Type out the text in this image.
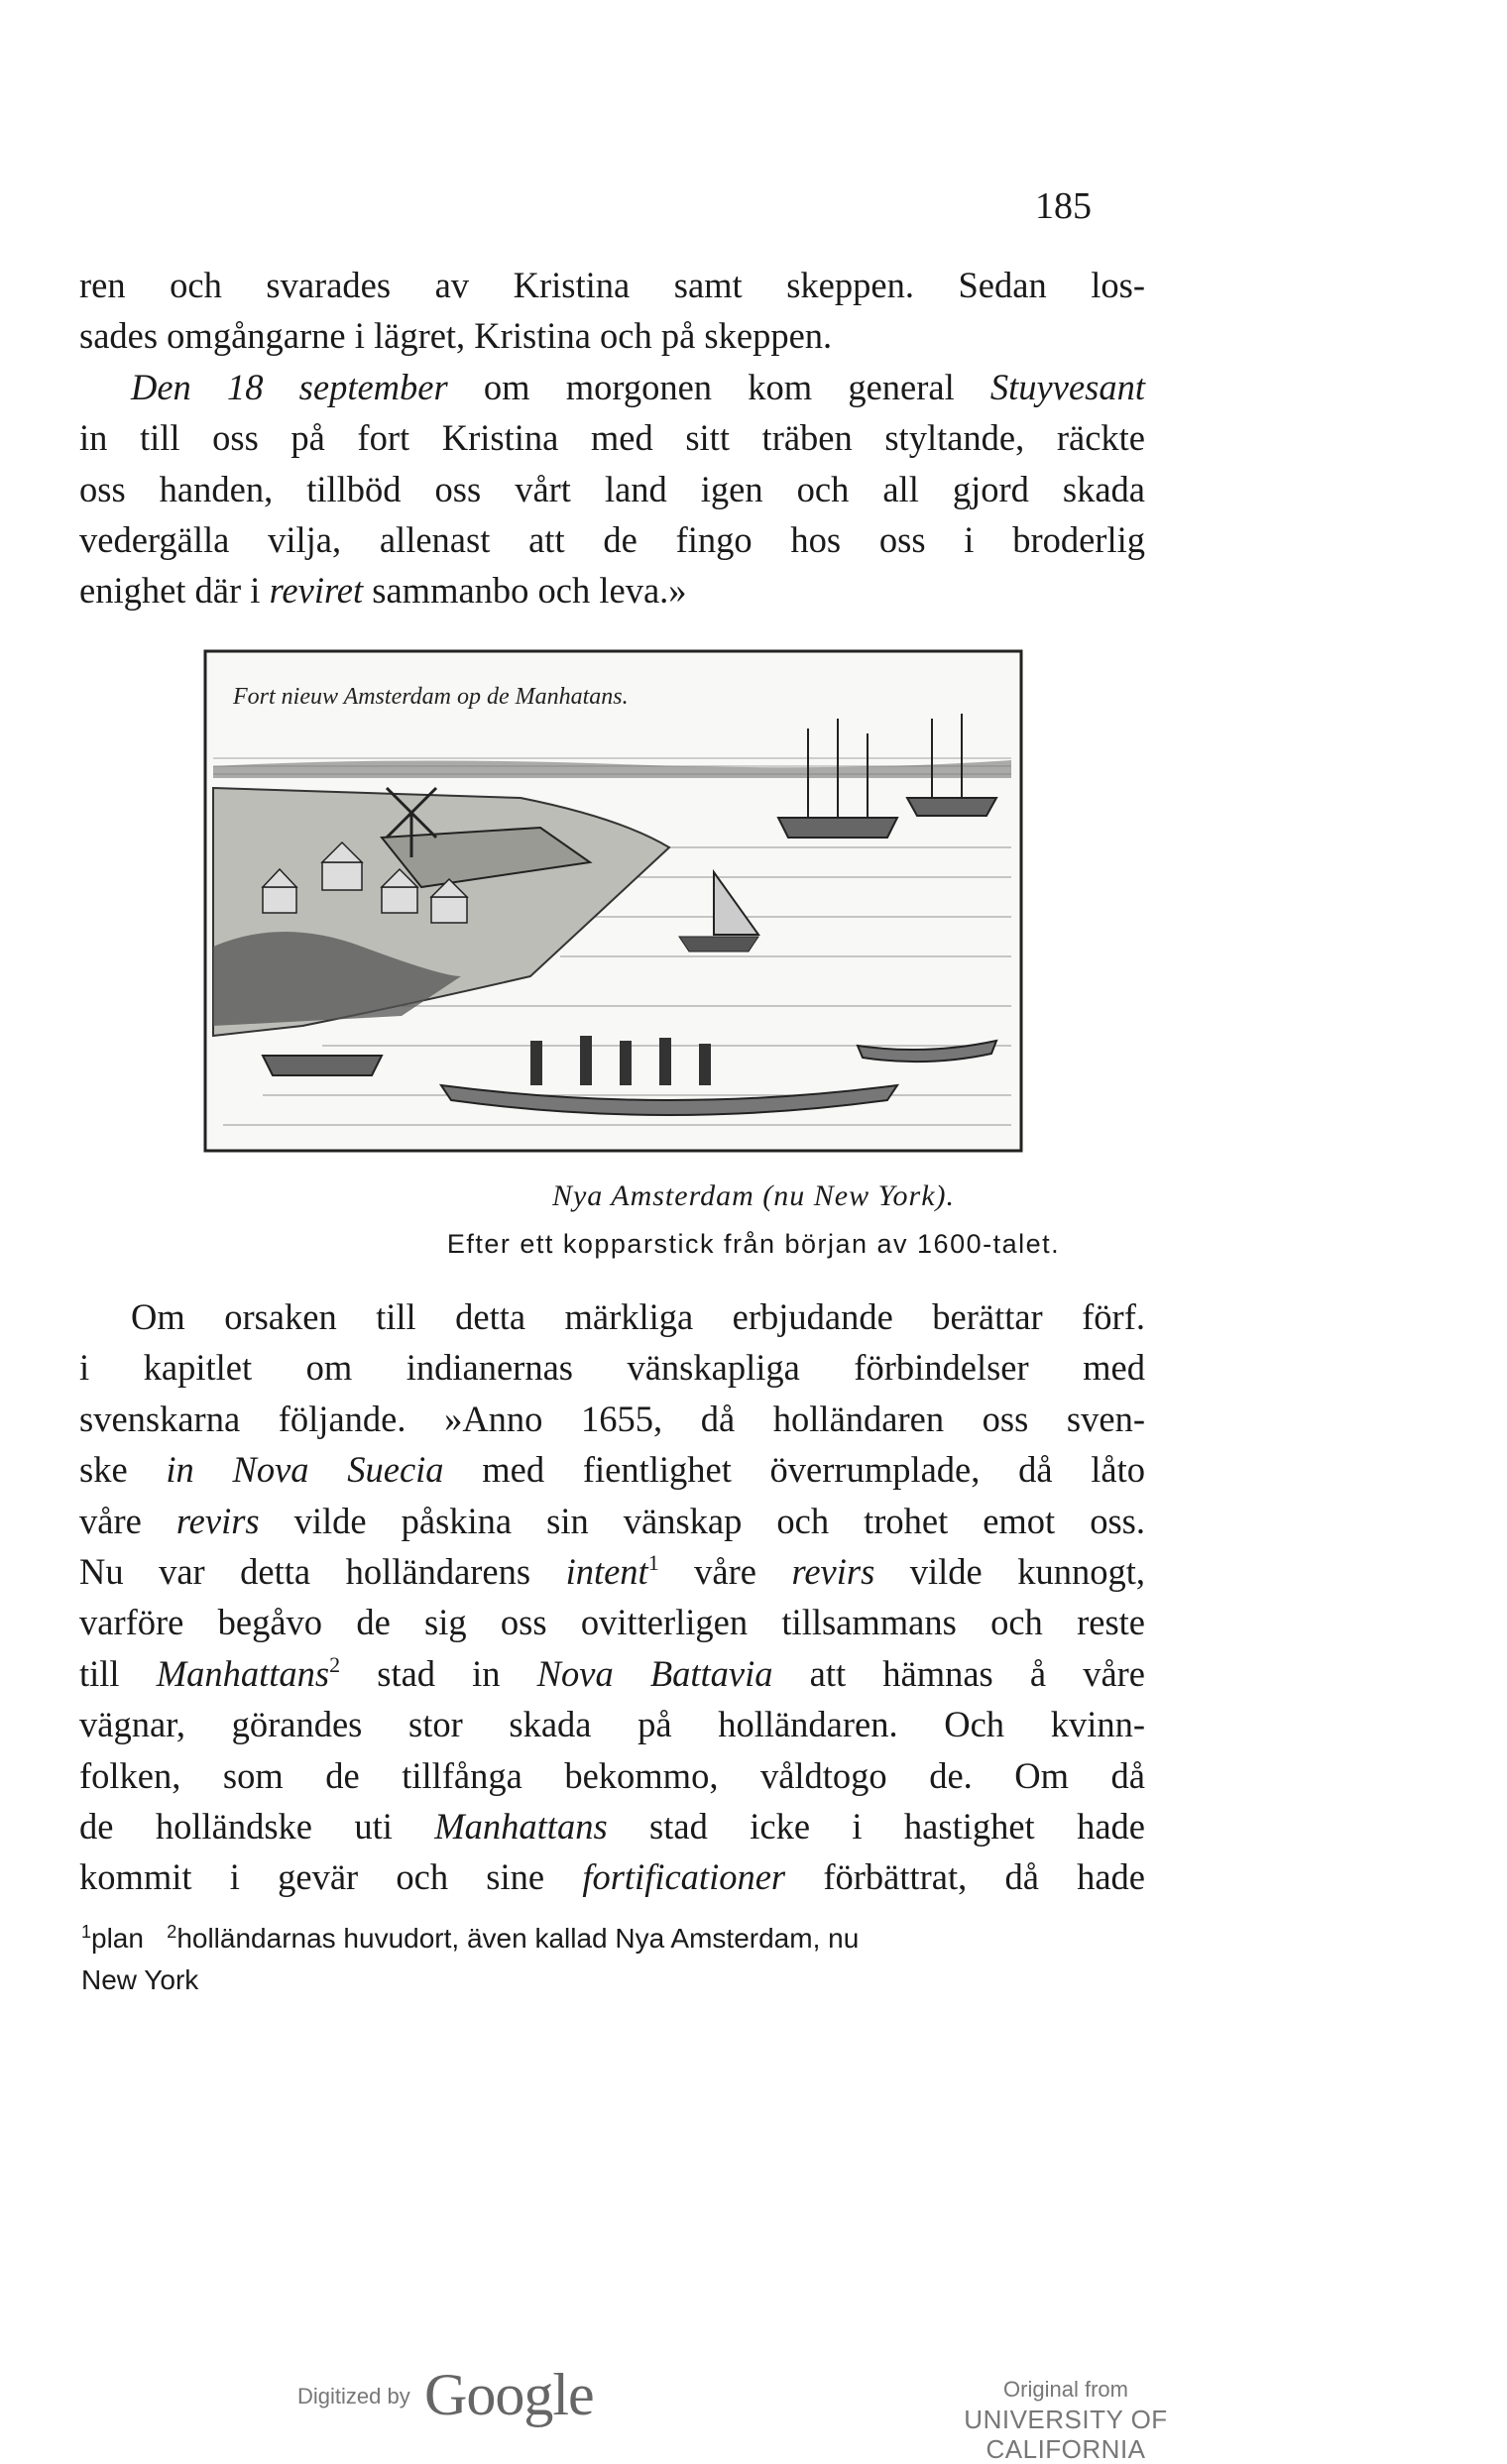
185
ren och svarades av Kristina samt skeppen. Sedan los-
sades omgångarne i lägret, Kristina och på skeppen.
Den 18 september om morgonen kom general Stuyvesant
in till oss på fort Kristina med sitt träben styltande, räckte
oss handen, tillböd oss vårt land igen och all gjord skada
vedergälla vilja, allenast att de fingo hos oss i broderlig
enighet där i reviret sammanbo och leva.»
Fort nieuw Amsterdam op de Manhatans.
Nya Amsterdam (nu New York).
Efter ett kopparstick från början av 1600-talet.
Om orsaken till detta märkliga erbjudande berättar förf.
i kapitlet om indianernas vänskapliga förbindelser med
svenskarna följande. »Anno 1655, då holländaren oss sven-
ske in Nova Suecia med fientlighet överrumplade, då låto
våre revirs vilde påskina sin vänskap och trohet emot oss.
Nu var detta holländarens intent$^1$ våre revirs vilde kunnogt,
varföre begåvo de sig oss ovitterligen tillsammans och reste
till Manhattans$^2$ stad in Nova Battavia att hämnas å våre
vägnar, görandes stor skada på holländaren. Och kvinn-
folken, som de tillfånga bekommo, våldtogo de. Om då
de holländske uti Manhattans stad icke i hastighet hade
kommit i gevär och sine fortificationer förbättrat, då hade
$^1$plan $^2$holländarnas huvudort, även kallad Nya Amsterdam, nu
New York
Digitized by Google	Original from
UNIVERSITY OF CALIFORNIA
